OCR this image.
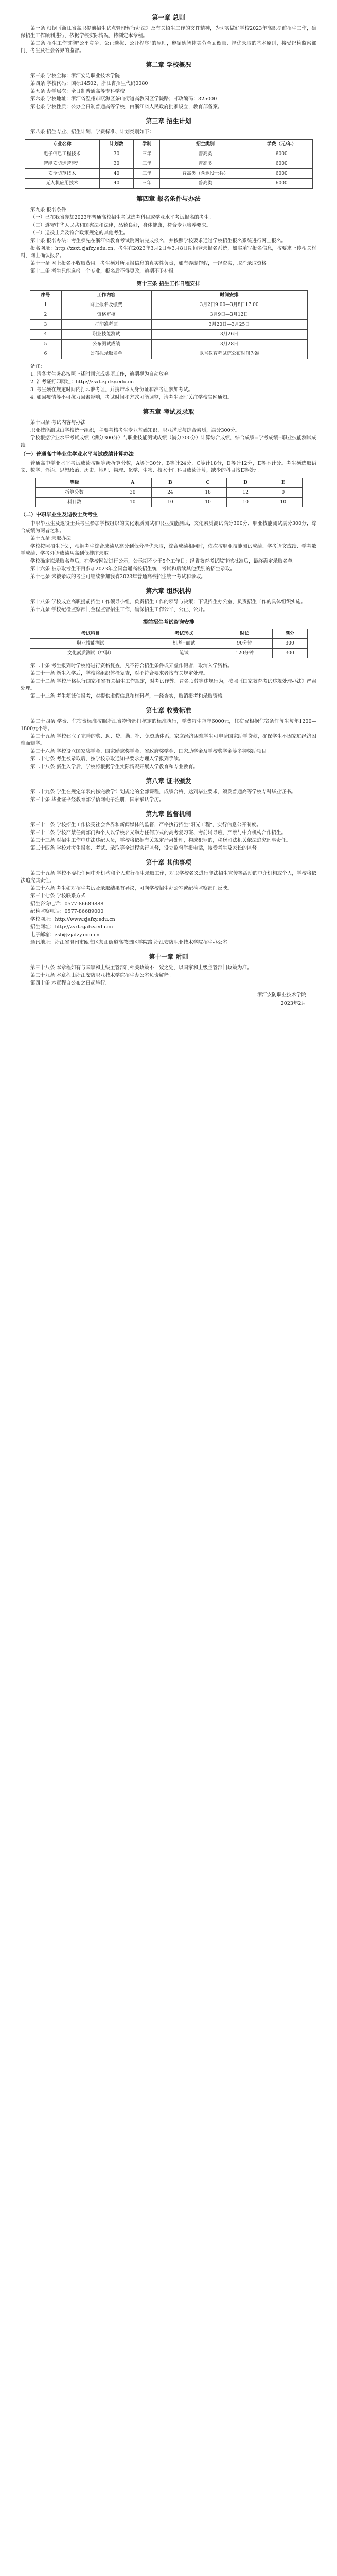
第一章 总则

第一条 根据《浙江省高职提前招生试点管理暂行办法》及有关招生工作的文件精神，为切实做好学校2023年高职提前招生工作，确保招生工作顺利进行，依据学校实际情况，特制定本章程。

第二条 招生工作贯彻"公平竞争、公正选拔、公开程序"的原则，遵循德智体美劳全面衡量、择优录取的基本原则，接受纪检监察部门、考生及社会各界的监督。

第二章 学校概况

第三条 学校全称：浙江安防职业技术学院

第四条 学校代码：国标14502，浙江省招生代码0080

第五条 办学层次：全日制普通高等专科学校

第六条 学校地址：浙江省温州市瓯海区茶山街道高教园区学院路；邮政编码：325000

第七条 学校性质：公办全日制普通高等学校，由浙江省人民政府批准设立，教育部备案。

第三章 招生计划

第八条 招生专业、招生计划、学费标准、计划类别如下：

专业名称	计划数	学制	招生类别	学费（元/年）
电子信息工程技术	30	三年	普高类	6000
智能安防运营管理	30	三年	普高类	6000
安全防范技术	40	三年	普高类（含退役士兵）	6000
无人机应用技术	40	三年	普高类	6000
第四章 报名条件与办法

第九条 报名条件

（一）已在我省参加2023年普通高校招生考试选考科目或学业水平考试报名的考生。

（二）遵守中华人民共和国宪法和法律，品德良好，身体健康，符合专业培养要求。

（三）退役士兵及符合政策规定的其他考生。

第十条 报名办法：考生须先在浙江省教育考试院网站完成报名，并按照学校要求通过学校招生报名系统进行网上报名。

报名网址：http://zsxt.zjafzy.edu.cn，考生在2023年3月2日至3月8日期间登录报名系统，如实填写报名信息，按要求上传相关材料，网上确认报名。

第十一条 网上报名不收取费用。考生须对所填报信息的真实性负责，如有弄虚作假，一经查实，取消录取资格。

第十二条 考生只能选报一个专业，报名后不得更改，逾期不予补报。

第十三条 招生工作日程安排
序号	工作内容	时间安排
1	网上报名及缴费	3月2日9:00—3月8日17:00
2	资格审核	3月9日—3月12日
3	打印准考证	3月20日—3月25日
4	职业技能测试	3月26日
5	公布测试成绩	3月28日
6	公布拟录取名单	以省教育考试院公布时间为准

备注：

1. 请各考生务必按照上述时间完成各项工作，逾期视为自动放弃。

2. 准考证打印网址：http://zsxt.zjafzy.edu.cn

3. 考生须在规定时间内打印准考证，并携带本人身份证和准考证参加考试。

4. 如因疫情等不可抗力因素影响，考试时间和方式可能调整，请考生及时关注学校官网通知。

第五章 考试及录取

第十四条 考试内容与办法

职业技能测试由学校统一组织，主要考核考生专业基础知识、职业潜质与综合素质，满分300分。

学校根据学业水平考试成绩（满分300分）与职业技能测试成绩（满分300分）计算综合成绩，综合成绩=学考成绩+职业技能测试成绩。

（一）普通高中毕业生学业水平考试成绩计算办法

普通高中学业水平考试成绩按照等级折算分数，A等计30分，B等计24分，C等计18分，D等计12分，E等不计分。考生须选取语文、数学、外语、思想政治、历史、地理、物理、化学、生物、技术十门科目成绩计算，缺少的科目按E等处理。

等级	A	B	C	D	E
折算分数	30	24	18	12	0
科目数	10	10	10	10	10
（二）中职毕业生及退役士兵考生

中职毕业生及退役士兵考生参加学校组织的文化素质测试和职业技能测试，文化素质测试满分300分，职业技能测试满分300分，综合成绩为两者之和。

第十五条 录取办法

学校按照招生计划，根据考生综合成绩从高分到低分择优录取，综合成绩相同时，依次按职业技能测试成绩、学考语文成绩、学考数学成绩、学考外语成绩从高到低排序录取。

学校确定拟录取名单后，在学校网站进行公示，公示期不少于5个工作日；经省教育考试院审核批准后，最终确定录取名单。

第十六条 被录取考生不再参加2023年全国普通高校招生统一考试和后续其他类别的招生录取。

第十七条 未被录取的考生可继续参加我省2023年普通高校招生统一考试和录取。

第六章 组织机构

第十八条 学校成立高职提前招生工作领导小组，负责招生工作的领导与决策；下设招生办公室，负责招生工作的具体组织实施。

第十九条 学校纪检监察部门全程监督招生工作，确保招生工作公平、公正、公开。

提前招生考试咨询安排
考试科目	考试形式	时长	满分
职业技能测试	机考+面试	90分钟	300
文化素质测试（中职）	笔试	120分钟	300

第二十条 考生报到时学校将进行资格复查，凡不符合招生条件或弄虚作假者，取消入学资格。

第二十一条 新生入学后，学校将组织体检复查，对不符合要求者按有关规定处理。

第二十二条 学校严格执行国家和省有关招生工作规定，对考试作弊、冒名顶替等违规行为，按照《国家教育考试违规处理办法》严肃处理。

第二十三条 考生须诚信报考，对提供虚假信息和材料者，一经查实，取消报考和录取资格。

第七章 收费标准

第二十四条 学费、住宿费标准按照浙江省物价部门核定的标准执行，学费每生每年6000元，住宿费根据住宿条件每生每年1200—1800元不等。

第二十五条 学校建立了完善的奖、助、贷、勤、补、免资助体系，家庭经济困难学生可申请国家助学贷款，确保学生不因家庭经济困难而辍学。

第二十六条 学校设立国家奖学金、国家励志奖学金、省政府奖学金、国家助学金及学校奖学金等多种奖助项目。

第二十七条 考生被录取后，按学校录取通知书要求办理入学报到手续。

第二十八条 新生入学后，学校将根据学生实际情况开展入学教育和专业教育。

第八章 证书颁发

第二十九条 学生在规定年限内修完教学计划规定的全部课程，成绩合格，达到毕业要求，颁发普通高等学校专科毕业证书。

第三十条 毕业证书经教育部学信网电子注册，国家承认学历。

第九章 监督机制

第三十一条 学校招生工作接受社会各界和新闻媒体的监督，严格执行招生"阳光工程"，实行信息公开制度。

第三十二条 学校严禁任何部门和个人以学校名义举办任何形式的高考复习班、考前辅导班，严禁与中介机构合作招生。

第三十三条 对招生工作中违法违纪人员，学校将依据有关规定严肃处理，构成犯罪的，移送司法机关依法追究刑事责任。

第三十四条 学校对考生报名、考试、录取等全过程实行监督，设立监督举报电话，接受考生及家长的监督。

第十章 其他事项

第三十五条 学校不委托任何中介机构和个人进行招生录取工作，对以学校名义进行非法招生宣传等活动的中介机构或个人，学校将依法追究其责任。

第三十六条 考生如对招生考试及录取结果有异议，可向学校招生办公室或纪检监察部门反映。

第三十七条 学校联系方式

招生咨询电话：0577-86689888

纪检监察电话：0577-86689000

学校网址：http://www.zjafzy.edu.cn

招生网址：http://zsxt.zjafzy.edu.cn

电子邮箱：zsb@zjafzy.edu.cn

通讯地址：浙江省温州市瓯海区茶山街道高教园区学院路 浙江安防职业技术学院招生办公室

第十一章 附则

第三十八条 本章程如有与国家和上级主管部门相关政策不一致之处，以国家和上级主管部门政策为准。

第三十九条 本章程由浙江安防职业技术学院招生办公室负责解释。

第四十条 本章程自公布之日起施行。

浙江安防职业技术学院

2023年2月
